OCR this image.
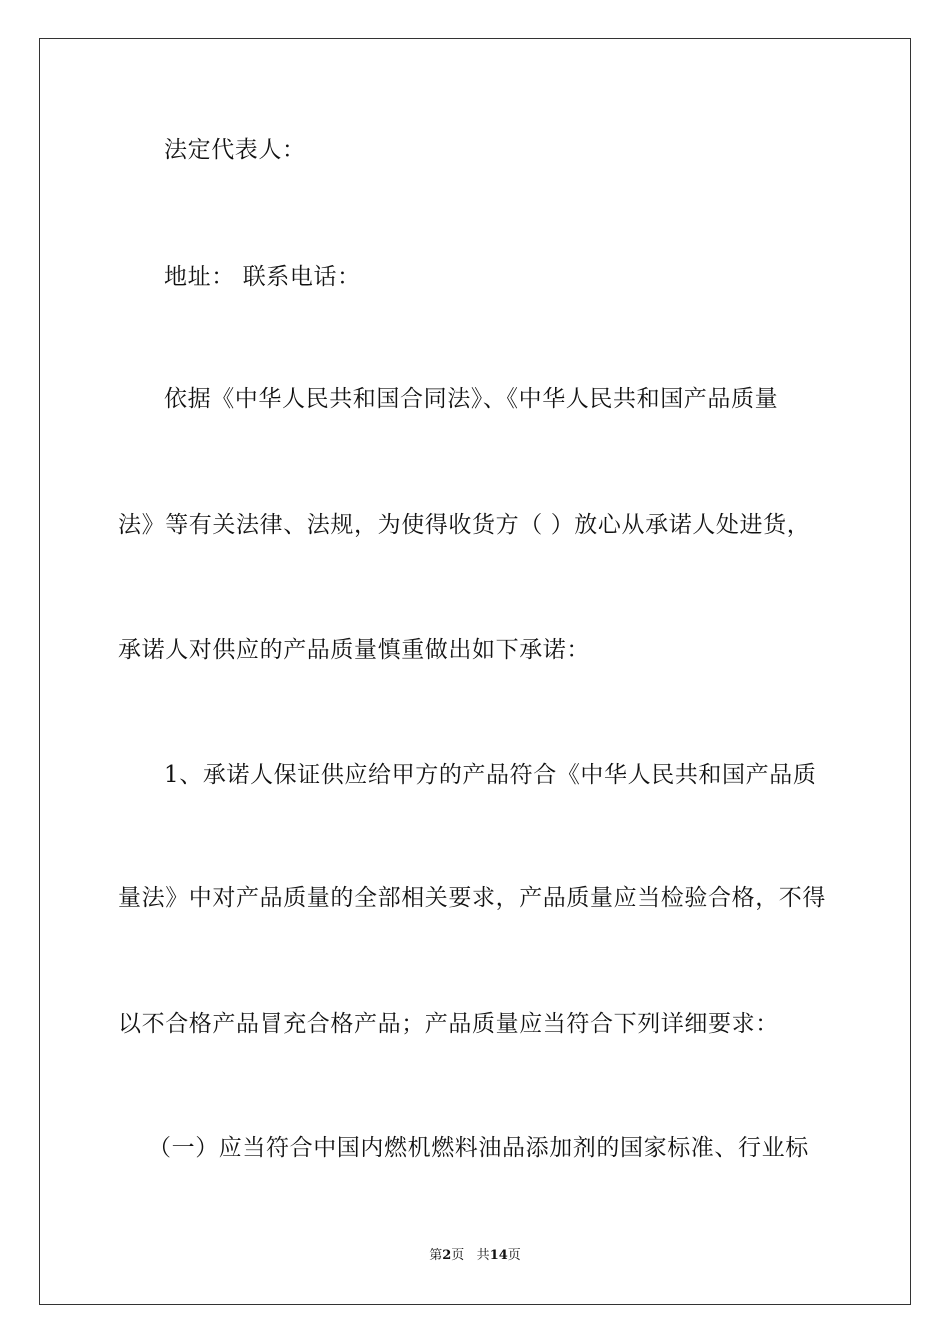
法定代表人：
地址： 联系电话：
依据《中华人民共和国合同法》、《中华人民共和国产品质量
法》等有关法律、法规，为使得收货方（ ）放心从承诺人处进货，
承诺人对供应的产品质量慎重做出如下承诺：
1、承诺人保证供应给甲方的产品符合《中华人民共和国产品质
量法》中对产品质量的全部相关要求，产品质量应当检验合格，不得
以不合格产品冒充合格产品；产品质量应当符合下列详细要求：
（一）应当符合中国内燃机燃料油品添加剂的国家标准、行业标
第2页 共14页
